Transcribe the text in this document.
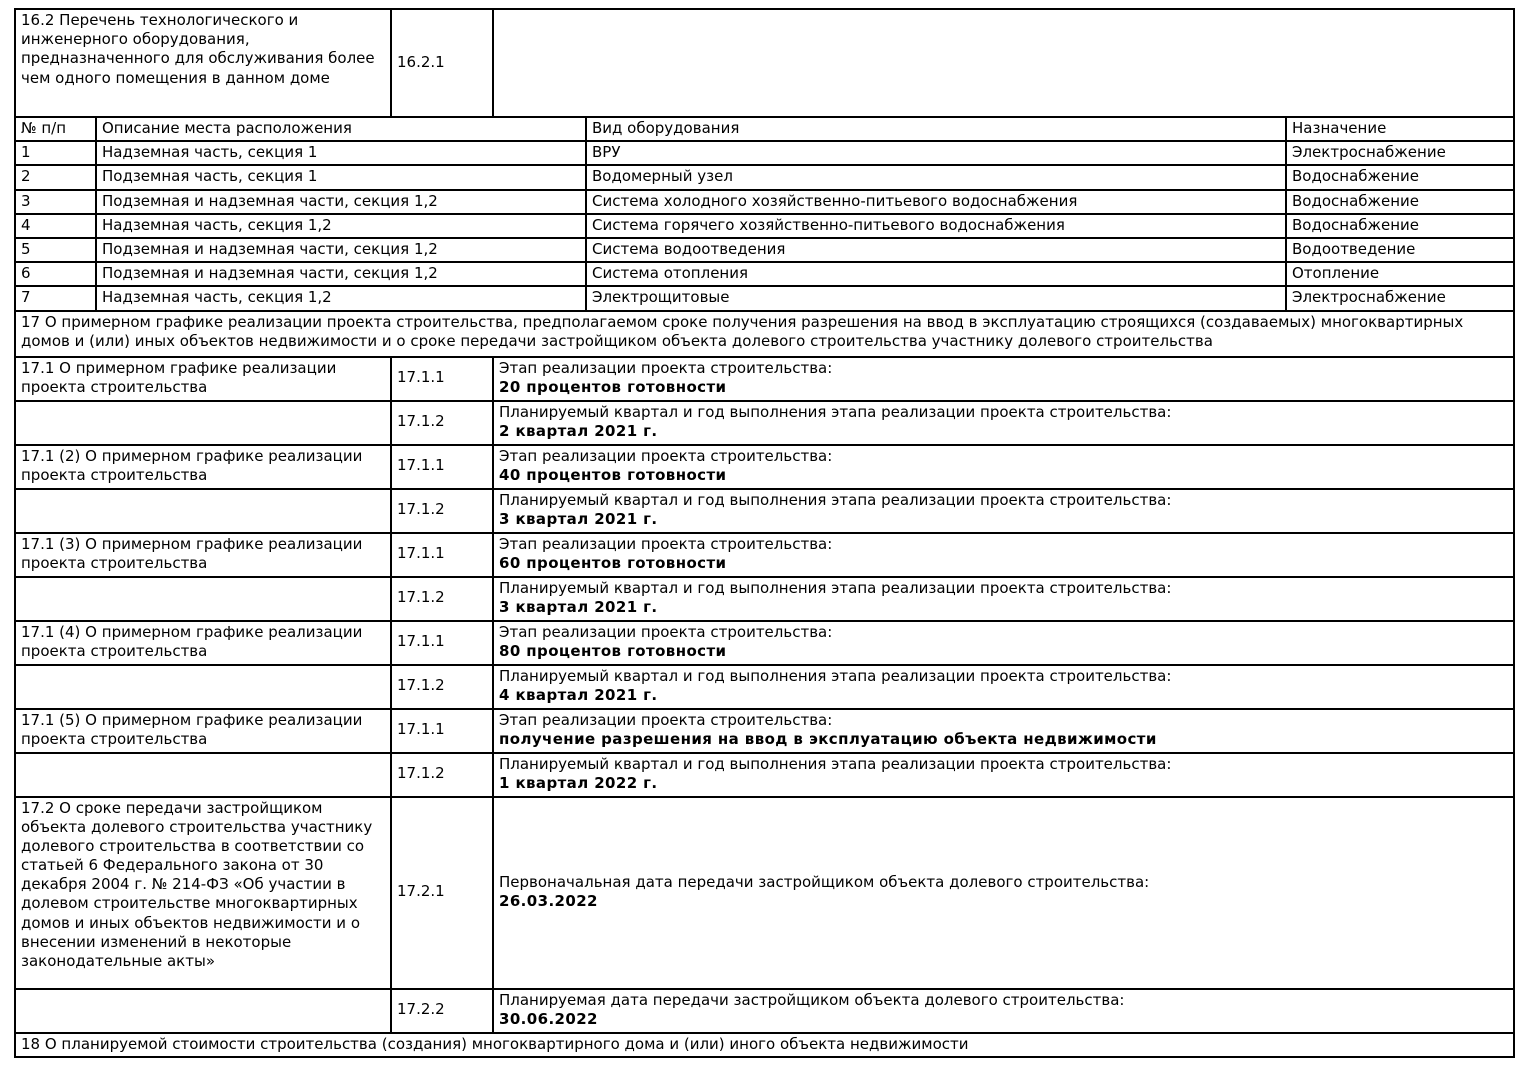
16.2 Перечень технологического и инженерного оборудования, предназначенного для обслуживания более чем одного помещения в данном доме	16.2.1	
№ п/п	Описание места расположения	Вид оборудования	Назначение
1	Надземная часть, секция 1	ВРУ	Электроснабжение
2	Подземная часть, секция 1	Водомерный узел	Водоснабжение
3	Подземная и надземная части, секция 1,2	Система холодного хозяйственно-питьевого водоснабжения	Водоснабжение
4	Надземная часть, секция 1,2	Система горячего хозяйственно-питьевого водоснабжения	Водоснабжение
5	Подземная и надземная части, секция 1,2	Система водоотведения	Водоотведение
6	Подземная и надземная части, секция 1,2	Система отопления	Отопление
7	Надземная часть, секция 1,2	Электрощитовые	Электроснабжение
17 О примерном графике реализации проекта строительства, предполагаемом сроке получения разрешения на ввод в эксплуатацию строящихся (создаваемых) многоквартирных домов и (или) иных объектов недвижимости и о сроке передачи застройщиком объекта долевого строительства участнику долевого строительства
17.1 О примерном графике реализации проекта строительства	17.1.1	Этап реализации проекта строительства:
20 процентов готовности

	17.1.2	Планируемый квартал и год выполнения этапа реализации проекта строительства:
2 квартал 2021 г.

17.1 (2) О примерном графике реализации проекта строительства	17.1.1	Этап реализации проекта строительства:
40 процентов готовности

	17.1.2	Планируемый квартал и год выполнения этапа реализации проекта строительства:
3 квартал 2021 г.

17.1 (3) О примерном графике реализации проекта строительства	17.1.1	Этап реализации проекта строительства:
60 процентов готовности

	17.1.2	Планируемый квартал и год выполнения этапа реализации проекта строительства:
3 квартал 2021 г.

17.1 (4) О примерном графике реализации проекта строительства	17.1.1	Этап реализации проекта строительства:
80 процентов готовности

	17.1.2	Планируемый квартал и год выполнения этапа реализации проекта строительства:
4 квартал 2021 г.

17.1 (5) О примерном графике реализации проекта строительства	17.1.1	Этап реализации проекта строительства:
получение разрешения на ввод в эксплуатацию объекта недвижимости

	17.1.2	Планируемый квартал и год выполнения этапа реализации проекта строительства:
1 квартал 2022 г.

17.2 О сроке передачи застройщиком объекта долевого строительства участнику долевого строительства в соответствии со статьей 6 Федерального закона от 30 декабря 2004 г. № 214-ФЗ «Об участии в долевом строительстве многоквартирных домов и иных объектов недвижимости и о внесении изменений в некоторые законодательные акты»	17.2.1	Первоначальная дата передачи застройщиком объекта долевого строительства:
26.03.2022

	17.2.2	Планируемая дата передачи застройщиком объекта долевого строительства:
30.06.2022
18 О планируемой стоимости строительства (создания) многоквартирного дома и (или) иного объекта недвижимости
